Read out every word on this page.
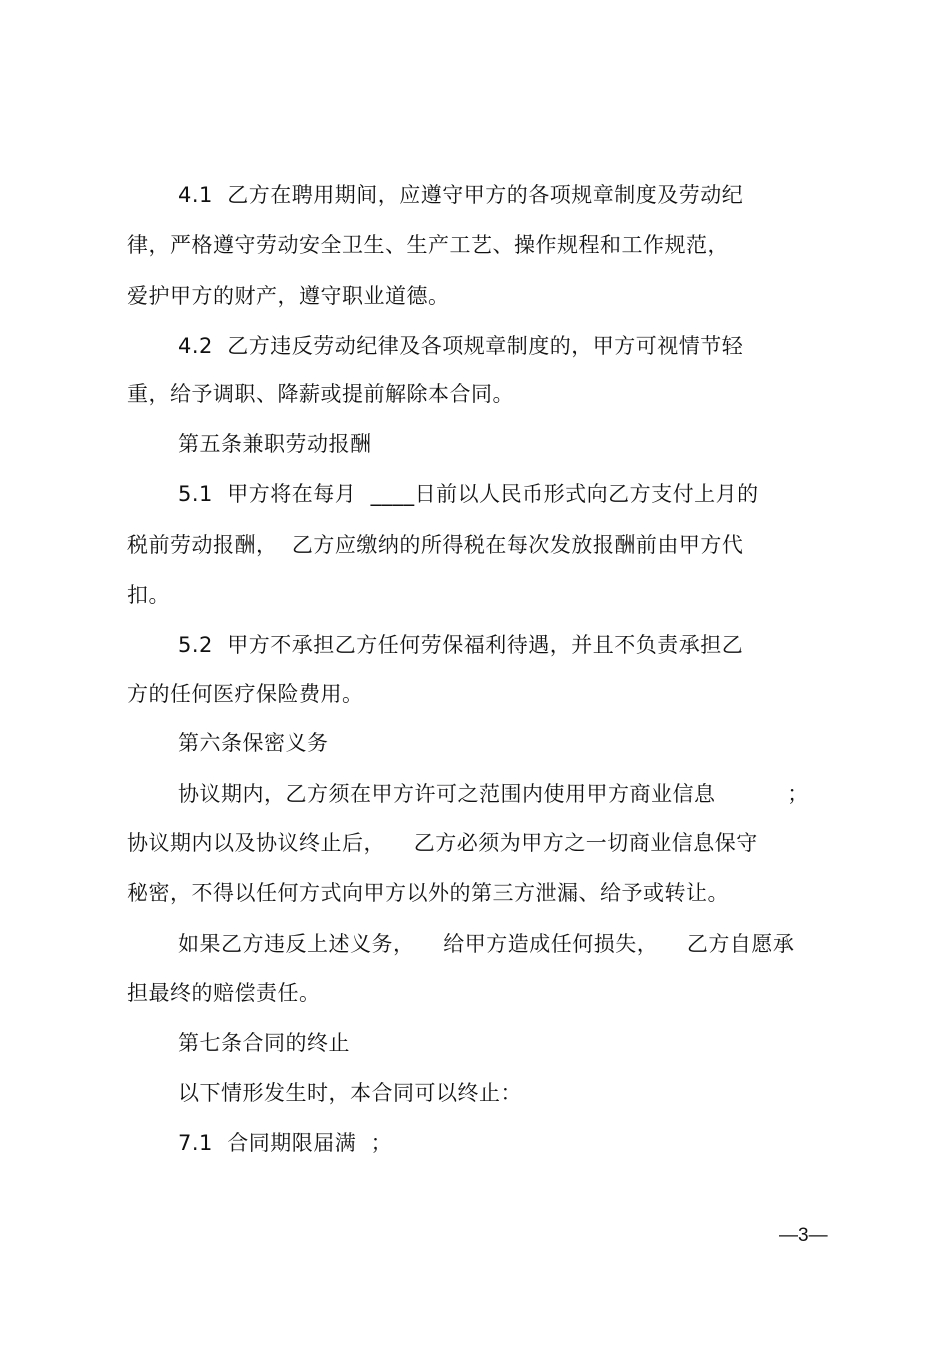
4.1  乙方在聘用期间，应遵守甲方的各项规章制度及劳动纪
律，严格遵守劳动安全卫生、生产工艺、操作规程和工作规范，
爱护甲方的财产，遵守职业道德。
4.2  乙方违反劳动纪律及各项规章制度的，甲方可视情节轻
重，给予调职、降薪或提前解除本合同。
第五条兼职劳动报酬
5.1  甲方将在每月  ____日前以人民币形式向乙方支付上月的
税前劳动报酬，  乙方应缴纳的所得税在每次发放报酬前由甲方代
扣。
5.2  甲方不承担乙方任何劳保福利待遇，并且不负责承担乙
方的任何医疗保险费用。
第六条保密义务
协议期内，乙方须在甲方许可之范围内使用甲方商业信息          ；
协议期内以及协议终止后，    乙方必须为甲方之一切商业信息保守
秘密，不得以任何方式向甲方以外的第三方泄漏、给予或转让。
如果乙方违反上述义务，    给甲方造成任何损失，    乙方自愿承
担最终的赔偿责任。
第七条合同的终止
以下情形发生时，本合同可以终止：
7.1  合同期限届满  ；
—3—
